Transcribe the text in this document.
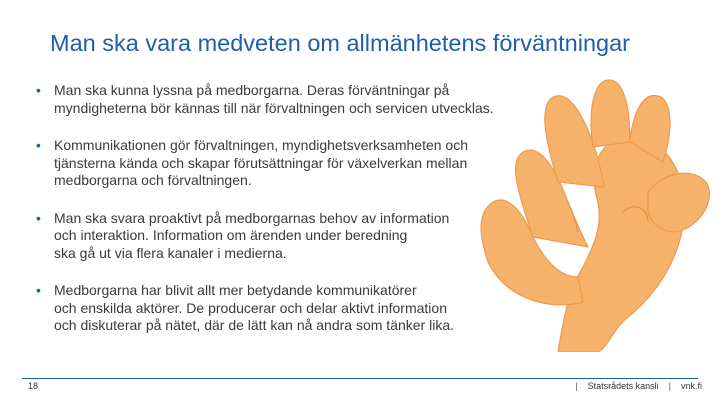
Man ska vara medveten om allmänhetens förväntningar
• Man ska kunna lyssna på medborgarna. Deras förväntningar på
myndigheterna bör kännas till när förvaltningen och servicen utvecklas.
• Kommunikationen gör förvaltningen, myndighetsverksamheten och
tjänsterna kända och skapar förutsättningar för växelverkan mellan
medborgarna och förvaltningen.
• Man ska svara proaktivt på medborgarnas behov av information
och interaktion. Information om ärenden under beredning
ska gå ut via flera kanaler i medierna.
• Medborgarna har blivit allt mer betydande kommunikatörer
och enskilda aktörer. De producerar och delar aktivt information
och diskuterar på nätet, där de lätt kan nå andra som tänker lika.
18	| Statsrådets kansli | vnk.fi
